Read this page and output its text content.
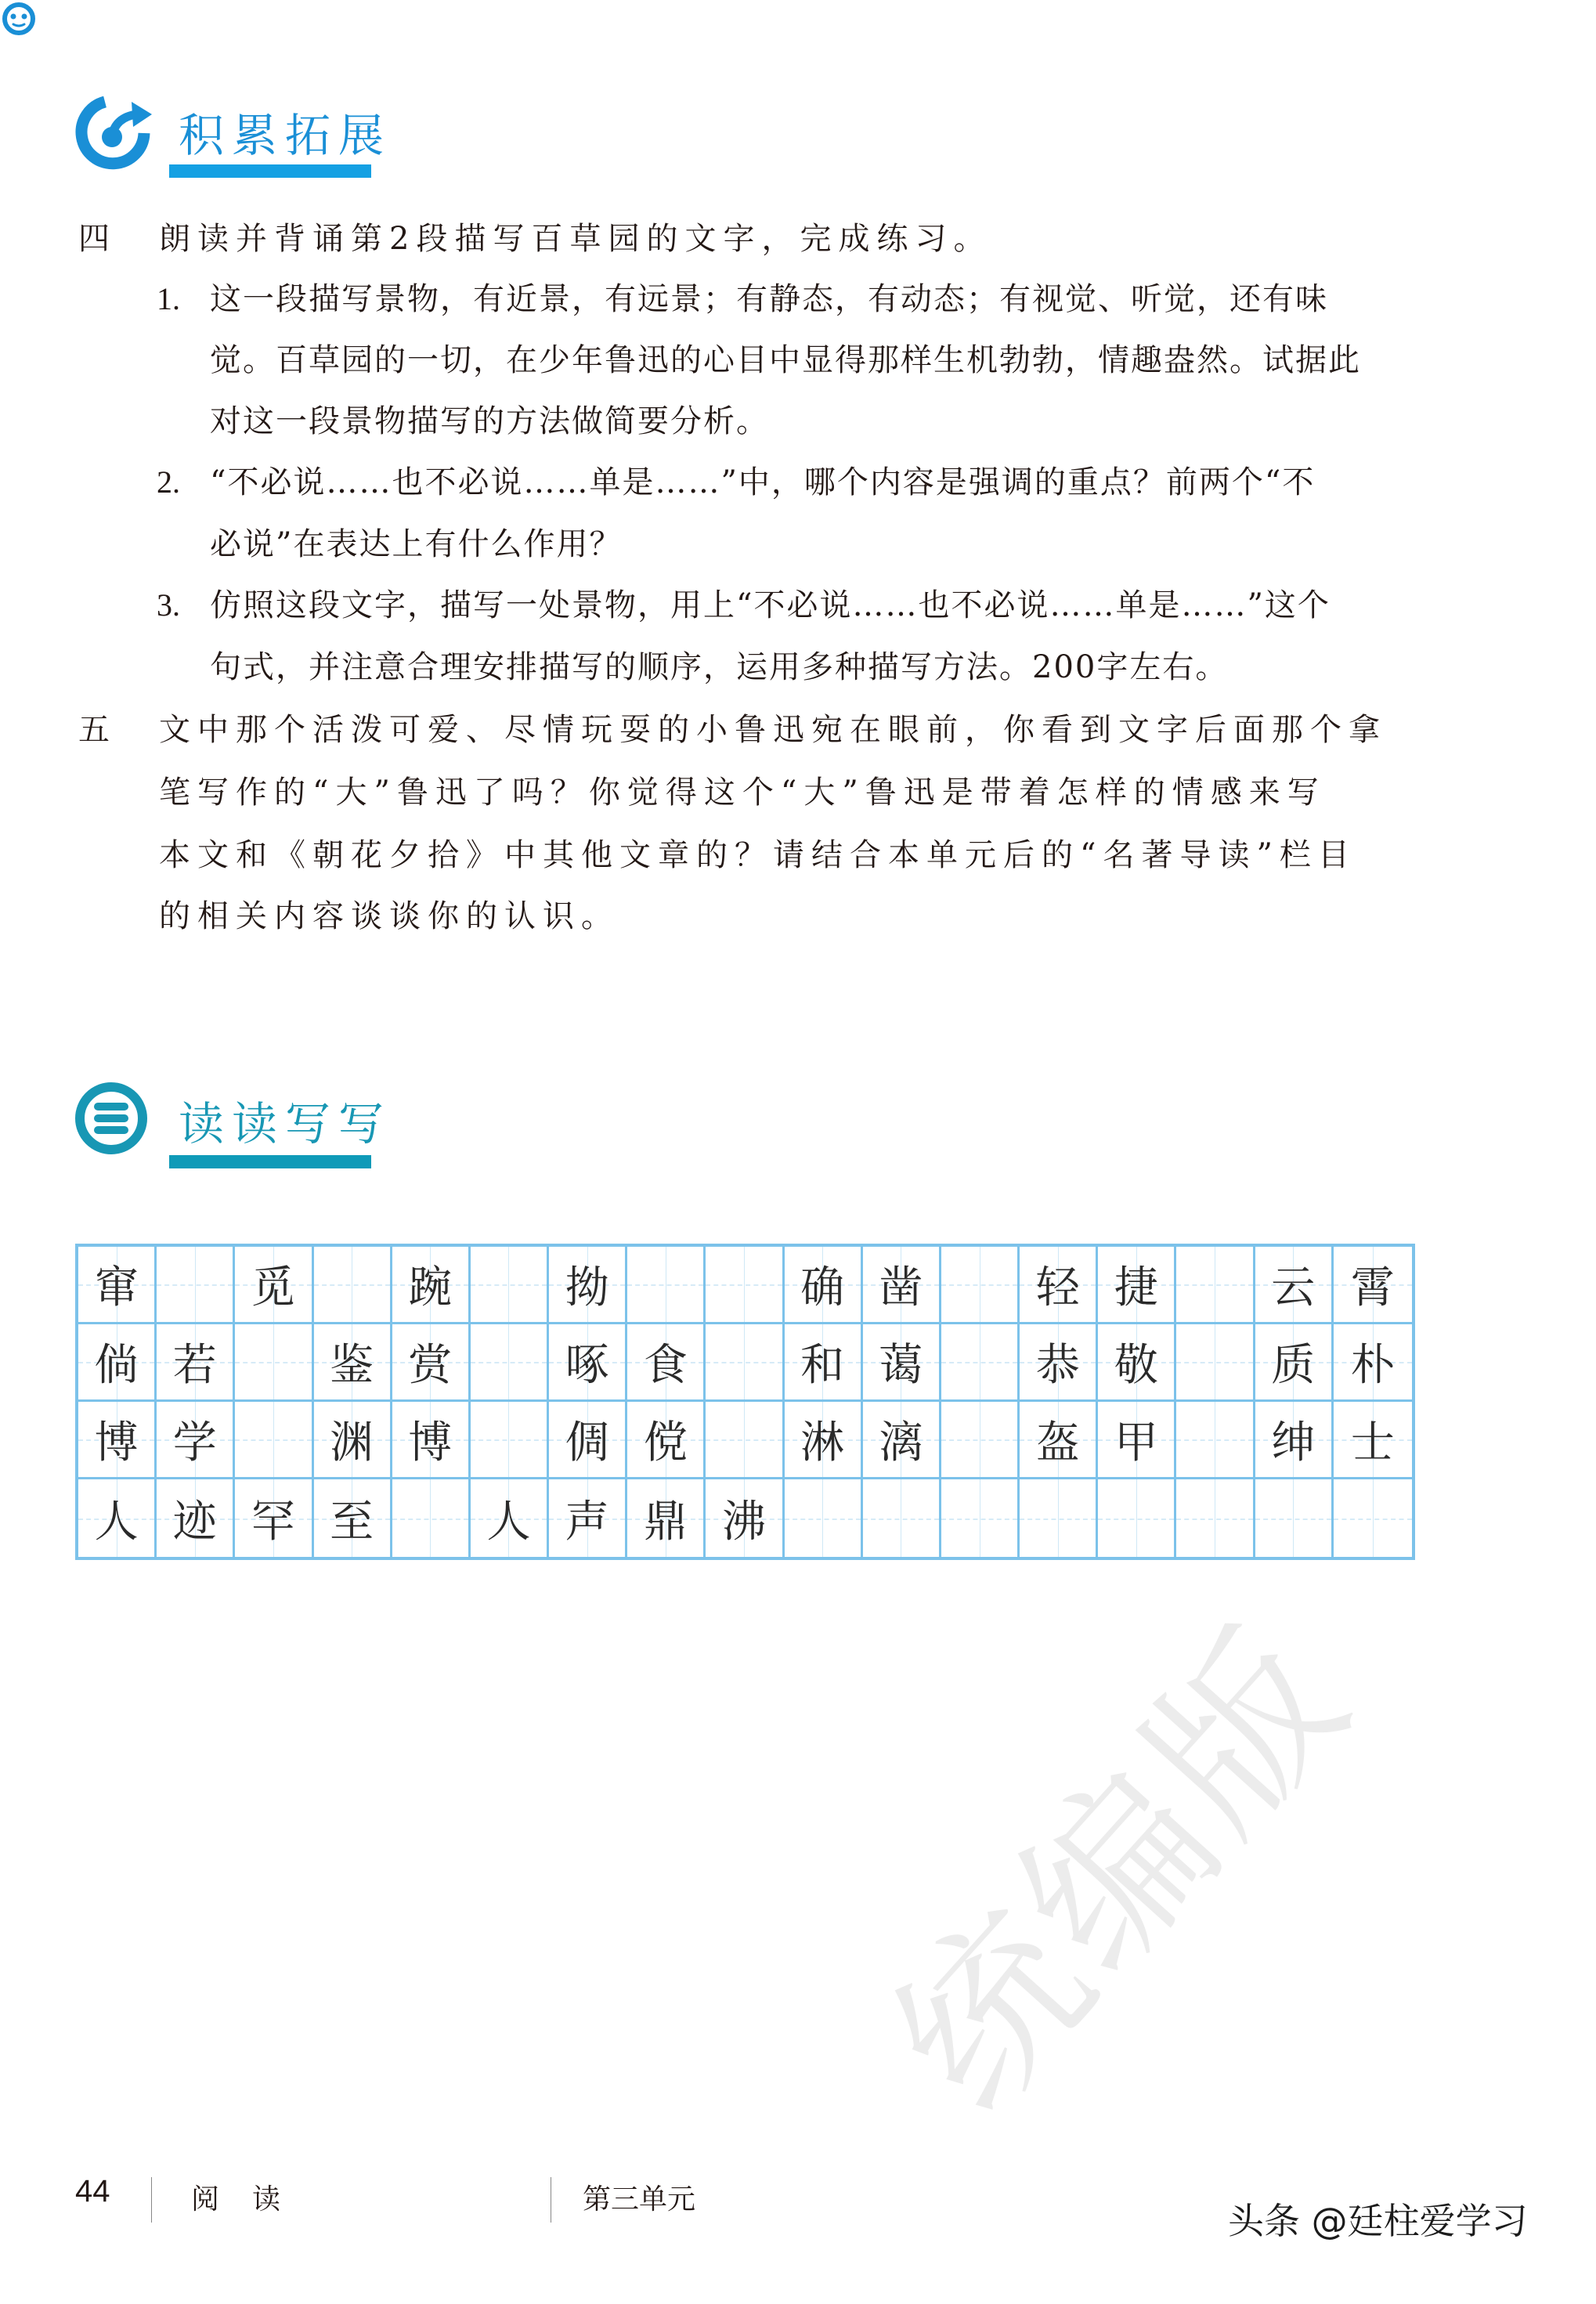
积累拓展
四 朗读并背诵第2段描写百草园的文字，完成练习。
1. 这一段描写景物，有近景，有远景；有静态，有动态；有视觉、听觉，还有味
觉。百草园的一切，在少年鲁迅的心目中显得那样生机勃勃，情趣盎然。试据此
对这一段景物描写的方法做简要分析。
2. “不必说……也不必说……单是……”中，哪个内容是强调的重点？前两个“不
必说”在表达上有什么作用？
3. 仿照这段文字，描写一处景物，用上“不必说……也不必说……单是……”这个
句式，并注意合理安排描写的顺序，运用多种描写方法。200字左右。
五 文中那个活泼可爱、尽情玩耍的小鲁迅宛在眼前，你看到文字后面那个拿
笔写作的“大”鲁迅了吗？你觉得这个“大”鲁迅是带着怎样的情感来写
本文和《朝花夕拾》中其他文章的？请结合本单元后的“名著导读”栏目
的相关内容谈谈你的认识。
读读写写
窜	觅	踠	拗	确 凿	轻 捷	云 霄
倘 若	鉴 赏	啄 食	和 蔼	恭 敬	质 朴
博 学	渊 博	倜 傥	淋 漓	盔 甲	绅 士
人 迹 罕 至	人 声 鼎 沸
44	阅 读	第三单元
统编版
头条 @廷柱爱学习
